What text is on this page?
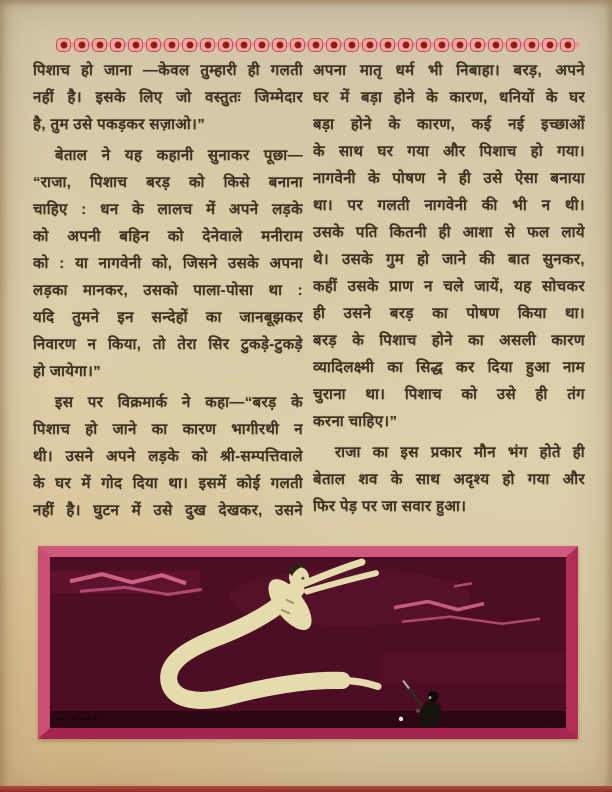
पिशाच हो जाना —केवल तुम्हारी ही गलती
नहीं है। इसके लिए जो वस्तुतः जिम्मेदार
है, तुम उसे पकड़कर सज़ाओ।”
बेताल ने यह कहानी सुनाकर पूछा—
“राजा, पिशाच बरड़ को किसे बनाना
चाहिए : धन के लालच में अपने लड़के
को अपनी बहिन को देनेवाले मनीराम
को : या नागवेनी को, जिसने उसके अपना
लड़का मानकर, उसको पाला-पोसा था :
यदि तुमने इन सन्देहों का जानबूझकर
निवारण न किया, तो तेरा सिर टुकड़े-टुकड़े
हो जायेगा।”
इस पर विक्रमार्क ने कहा—“बरड़ के
पिशाच हो जाने का कारण भागीरथी न
थी। उसने अपने लड़के को श्री-सम्पत्तिवाले
के घर में गोद दिया था। इसमें कोई गलती
नहीं है। घुटन में उसे दुख देखकर, उसने
अपना मातृ धर्म भी निबाहा। बरड़, अपने
घर में बड़ा होने के कारण, धनियों के घर
बड़ा होने के कारण, कई नई इच्छाओं
के साथ घर गया और पिशाच हो गया।
नागवेनी के पोषण ने ही उसे ऐसा बनाया
था। पर गलती नागवेनी की भी न थी।
उसके पति कितनी ही आशा से फल लाये
थे। उसके गुम हो जाने की बात सुनकर,
कहीं उसके प्राण न चले जायें, यह सोचकर
ही उसने बरड़ का पोषण किया था।
बरड़ के पिशाच होने का असली कारण
व्यादिलक्ष्मी का सिद्ध कर दिया हुआ नाम
चुराना था। पिशाच को उसे ही तंग
करना चाहिए।”
राजा का इस प्रकार मौन भंग होते ही
बेताल शव के साथ अदृश्य हो गया और
फिर पेड़ पर जा सवार हुआ।
